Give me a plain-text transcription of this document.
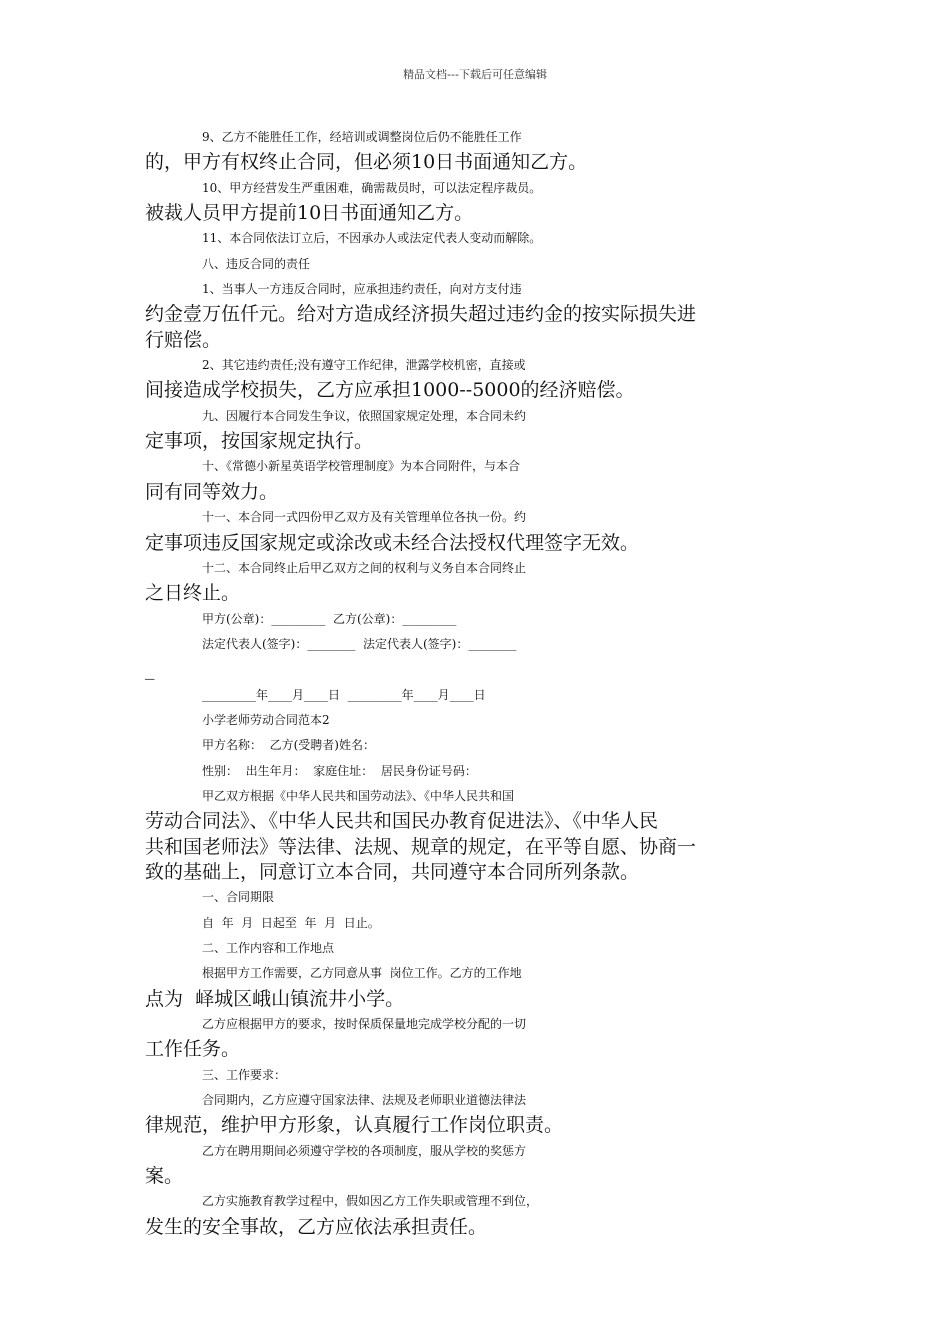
精品文档---下载后可任意编辑
9、乙方不能胜任工作，经培训或调整岗位后仍不能胜任工作
的，甲方有权终止合同，但必须10日书面通知乙方。
10、甲方经营发生严重困难，确需裁员时，可以法定程序裁员。
被裁人员甲方提前10日书面通知乙方。
11、本合同依法订立后，不因承办人或法定代表人变动而解除。
八、违反合同的责任
1、当事人一方违反合同时，应承担违约责任，向对方支付违
约金壹万伍仟元。给对方造成经济损失超过违约金的按实际损失进
行赔偿。
2、其它违约责任;没有遵守工作纪律，泄露学校机密，直接或
间接造成学校损失，乙方应承担1000--5000的经济赔偿。
九、因履行本合同发生争议，依照国家规定处理，本合同未约
定事项，按国家规定执行。
十、《常德小新星英语学校管理制度》为本合同附件，与本合
同有同等效力。
十一、本合同一式四份甲乙双方及有关管理单位各执一份。约
定事项违反国家规定或涂改或未经合法授权代理签字无效。
十二、本合同终止后甲乙双方之间的权利与义务自本合同终止
之日终止。
甲方(公章)：_________  乙方(公章)：_________
法定代表人(签字)：________  法定代表人(签字)：________
_
_________年____月____日  _________年____月____日
小学老师劳动合同范本2
甲方名称：  乙方(受聘者)姓名：
性别：  出生年月：  家庭住址：  居民身份证号码：
甲乙双方根据《中华人民共和国劳动法》、《中华人民共和国
劳动合同法》、《中华人民共和国民办教育促进法》、《中华人民
共和国老师法》等法律、法规、规章的规定，在平等自愿、协商一
致的基础上，同意订立本合同，共同遵守本合同所列条款。
一、合同期限
自  年  月  日起至  年  月  日止。
二、工作内容和工作地点
根据甲方工作需要，乙方同意从事  岗位工作。乙方的工作地
点为  峄城区峨山镇流井小学。
乙方应根据甲方的要求，按时保质保量地完成学校分配的一切
工作任务。
三、工作要求：
合同期内，乙方应遵守国家法律、法规及老师职业道德法律法
律规范，维护甲方形象，认真履行工作岗位职责。
乙方在聘用期间必须遵守学校的各项制度，服从学校的奖惩方
案。
乙方实施教育教学过程中，假如因乙方工作失职或管理不到位，
发生的安全事故，乙方应依法承担责任。
